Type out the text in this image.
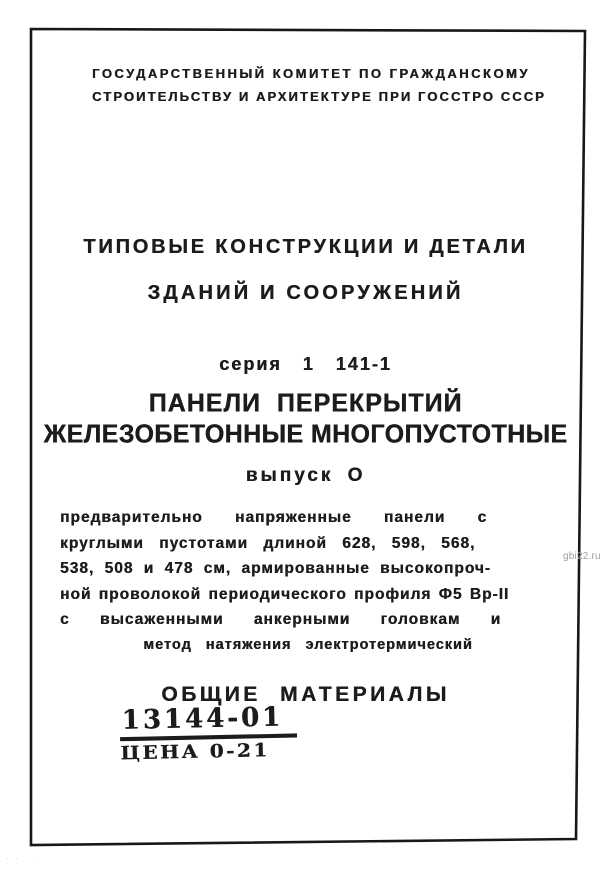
ГОСУДАРСТВЕННЫЙ КОМИТЕТ ПО ГРАЖДАНСКОМУ
СТРОИТЕЛЬСТВУ И АРХИТЕКТУРЕ ПРИ ГОССТРО СССР
ТИПОВЫЕ КОНСТРУКЦИИ И ДЕТАЛИ
ЗДАНИЙ И СООРУЖЕНИЙ
серия 1 141-1
ПАНЕЛИ ПЕРЕКРЫТИЙ
ЖЕЛЕЗОБЕТОННЫЕ МНОГОПУСТОТНЫЕ
выпуск О
предварительно напряженные панели с
круглыми пустотами длиной 628, 598, 568,
538, 508 и 478 см, армированные высокопроч-
ной проволокой периодического профиля Ф5 Вр-II
с высаженными анкерными головкам и
метод натяжения электротермический
ОБЩИЕ МАТЕРИАЛЫ
13144-01
ЦЕНА 0-21
gbi22.ru
·· ·
